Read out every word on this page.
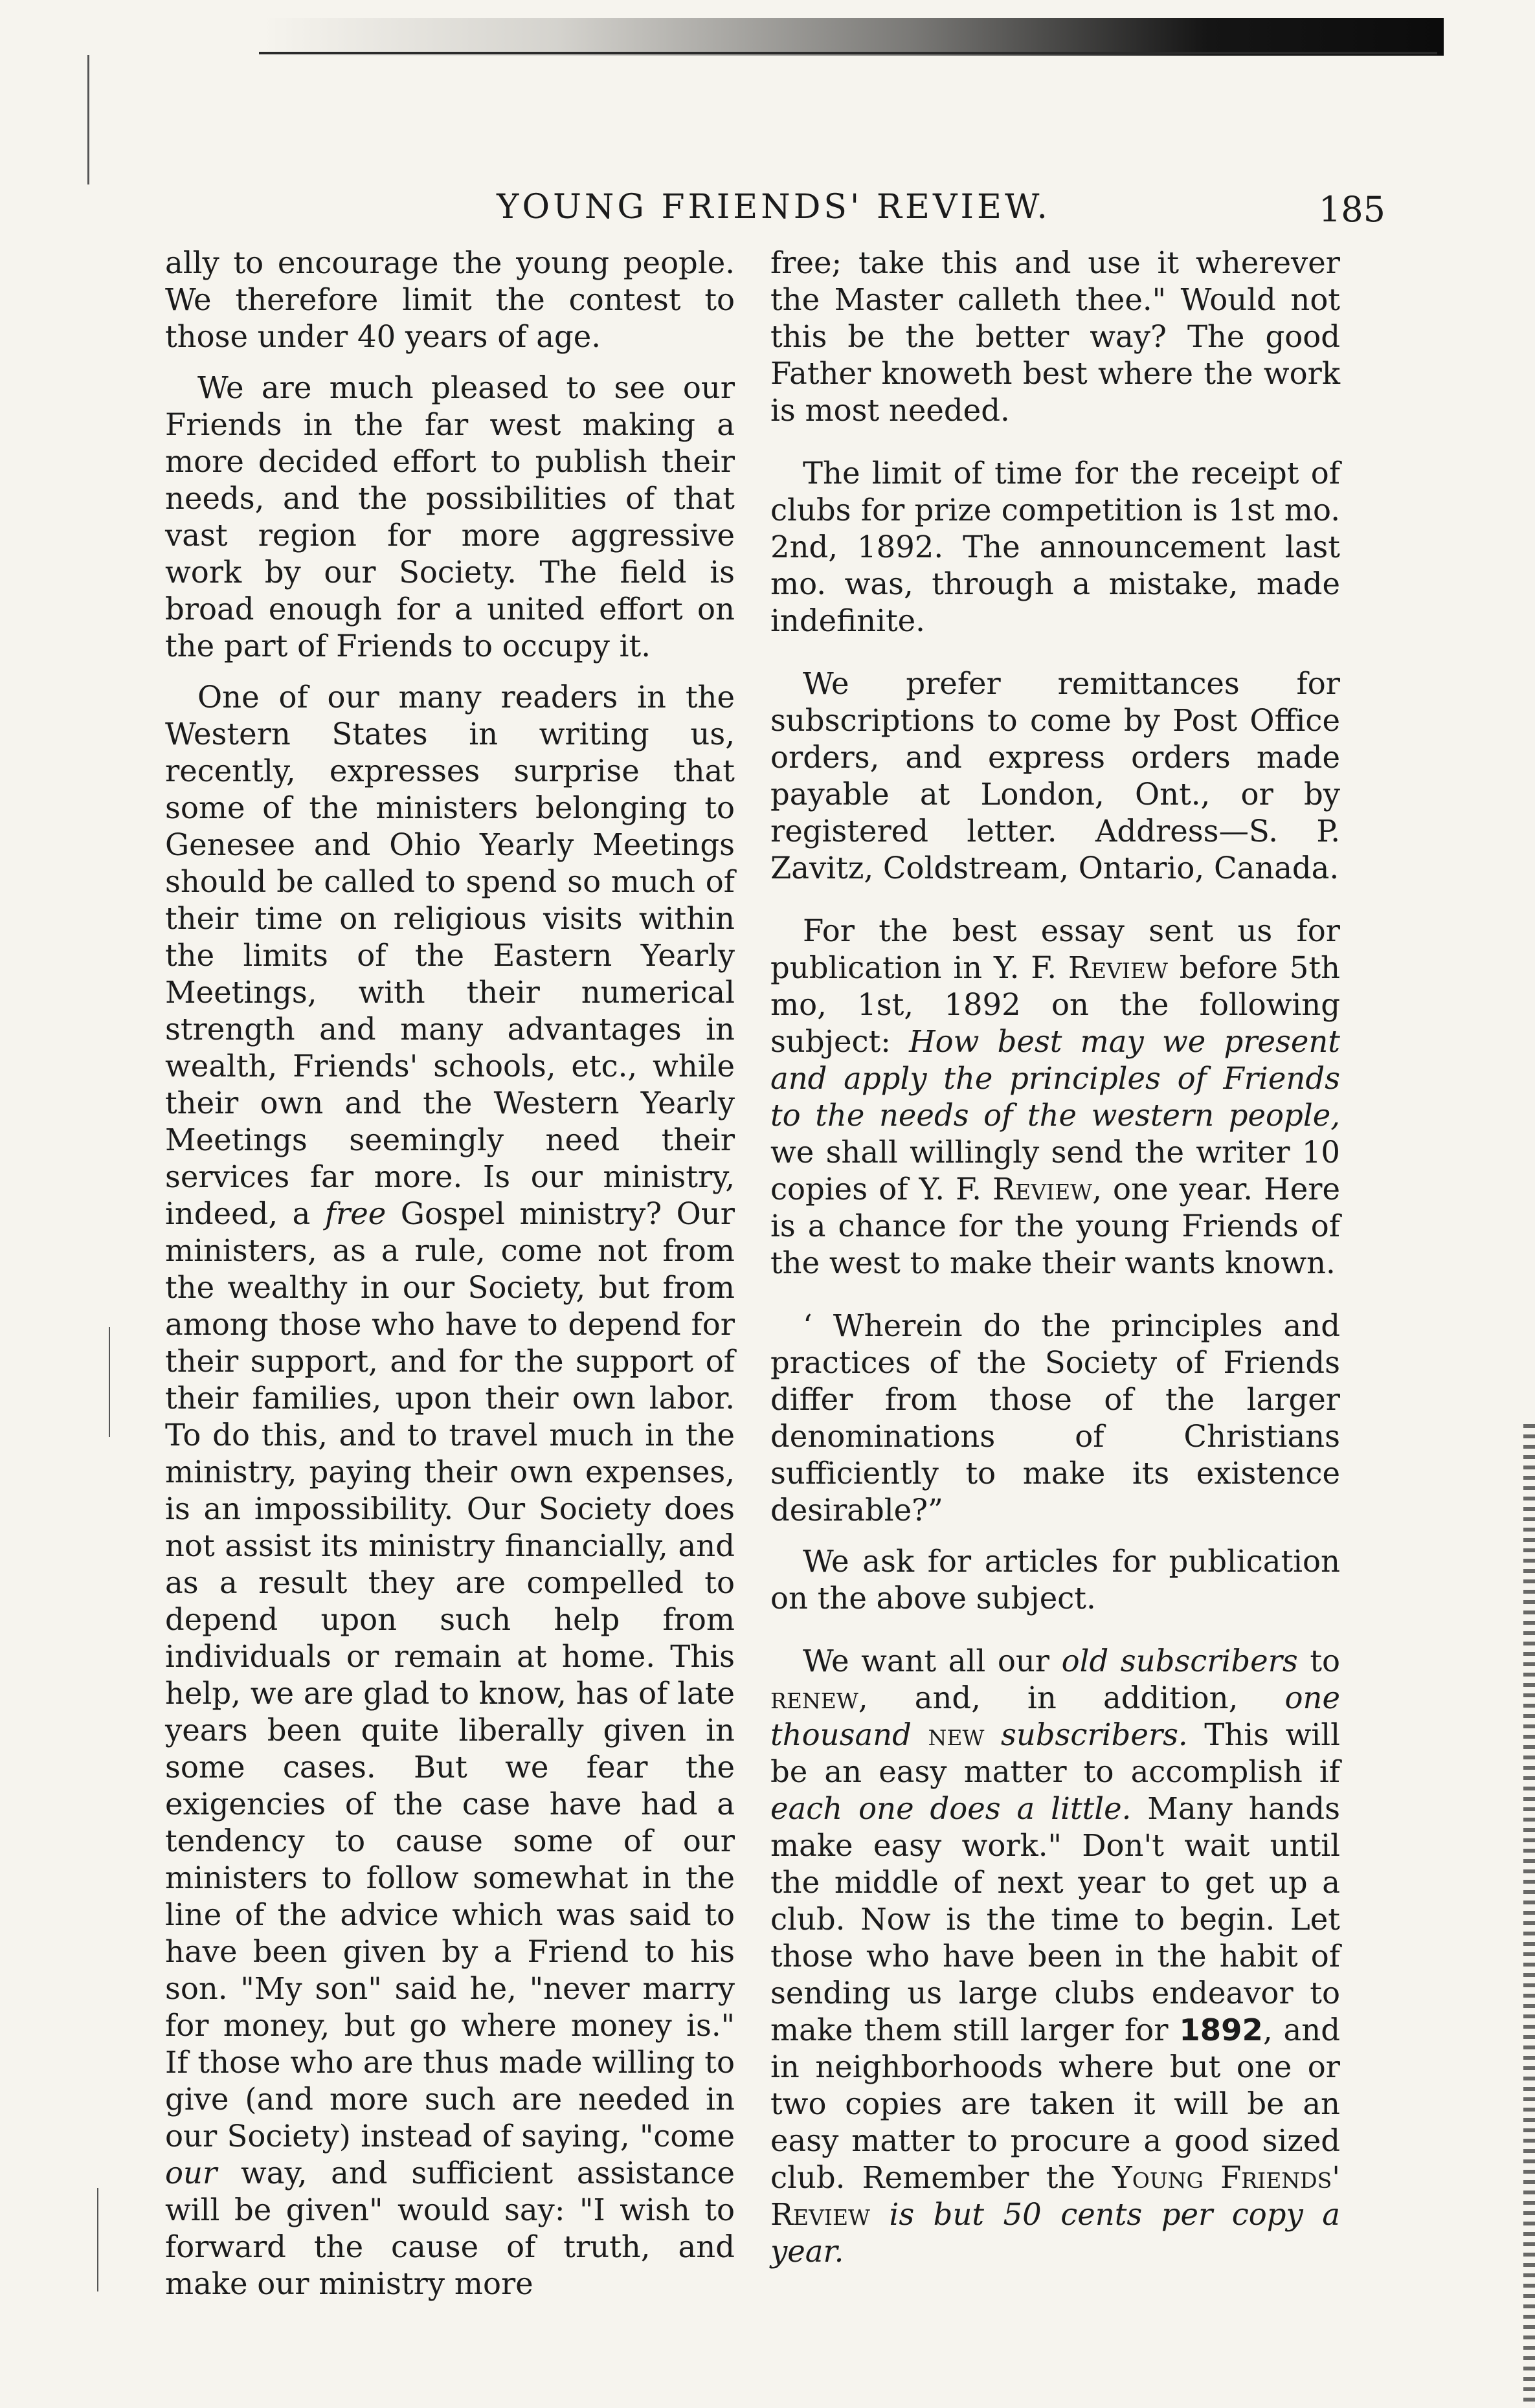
YOUNG FRIENDS' REVIEW.	185

ally to encourage the young people. We therefore limit the contest to those under 40 years of age.

We are much pleased to see our Friends in the far west making a more decided effort to publish their needs, and the possibilities of that vast region for more aggressive work by our Society. The field is broad enough for a united effort on the part of Friends to occupy it.

One of our many readers in the Western States in writing us, recently, expresses surprise that some of the ministers belonging to Genesee and Ohio Yearly Meetings should be called to spend so much of their time on religious visits within the limits of the Eastern Yearly Meetings, with their numerical strength and many advantages in wealth, Friends' schools, etc., while their own and the Western Yearly Meetings seemingly need their services far more. Is our ministry, indeed, a free Gospel ministry? Our ministers, as a rule, come not from the wealthy in our Society, but from among those who have to depend for their support, and for the support of their families, upon their own labor. To do this, and to travel much in the ministry, paying their own expenses, is an impossibility. Our Society does not assist its ministry financially, and as a result they are compelled to depend upon such help from individuals or remain at home. This help, we are glad to know, has of late years been quite liberally given in some cases. But we fear the exigencies of the case have had a tendency to cause some of our ministers to follow somewhat in the line of the advice which was said to have been given by a Friend to his son. "My son" said he, "never marry for money, but go where money is." If those who are thus made willing to give (and more such are needed in our Society) instead of saying, "come our way, and sufficient assistance will be given" would say: "I wish to forward the cause of truth, and make our ministry more

free; take this and use it wherever the Master calleth thee." Would not this be the better way? The good Father knoweth best where the work is most needed.

The limit of time for the receipt of clubs for prize competition is 1st mo. 2nd, 1892. The announcement last mo. was, through a mistake, made indefinite.

We prefer remittances for subscriptions to come by Post Office orders, and express orders made payable at London, Ont., or by registered letter. Address—S. P. Zavitz, Coldstream, Ontario, Canada.

For the best essay sent us for publication in Y. F. Review before 5th mo, 1st, 1892 on the following subject: How best may we present and apply the principles of Friends to the needs of the western people, we shall willingly send the writer 10 copies of Y. F. Review, one year. Here is a chance for the young Friends of the west to make their wants known.

‘ Wherein do the principles and practices of the Society of Friends differ from those of the larger denominations of Christians sufficiently to make its existence desirable?”

We ask for articles for publication on the above subject.

We want all our old subscribers to renew, and, in addition, one thousand new subscribers. This will be an easy matter to accomplish if each one does a little. Many hands make easy work." Don't wait until the middle of next year to get up a club. Now is the time to begin. Let those who have been in the habit of sending us large clubs endeavor to make them still larger for 1892, and in neighborhoods where but one or two copies are taken it will be an easy matter to procure a good sized club. Remember the Young Friends' Review is but 50 cents per copy a year.
